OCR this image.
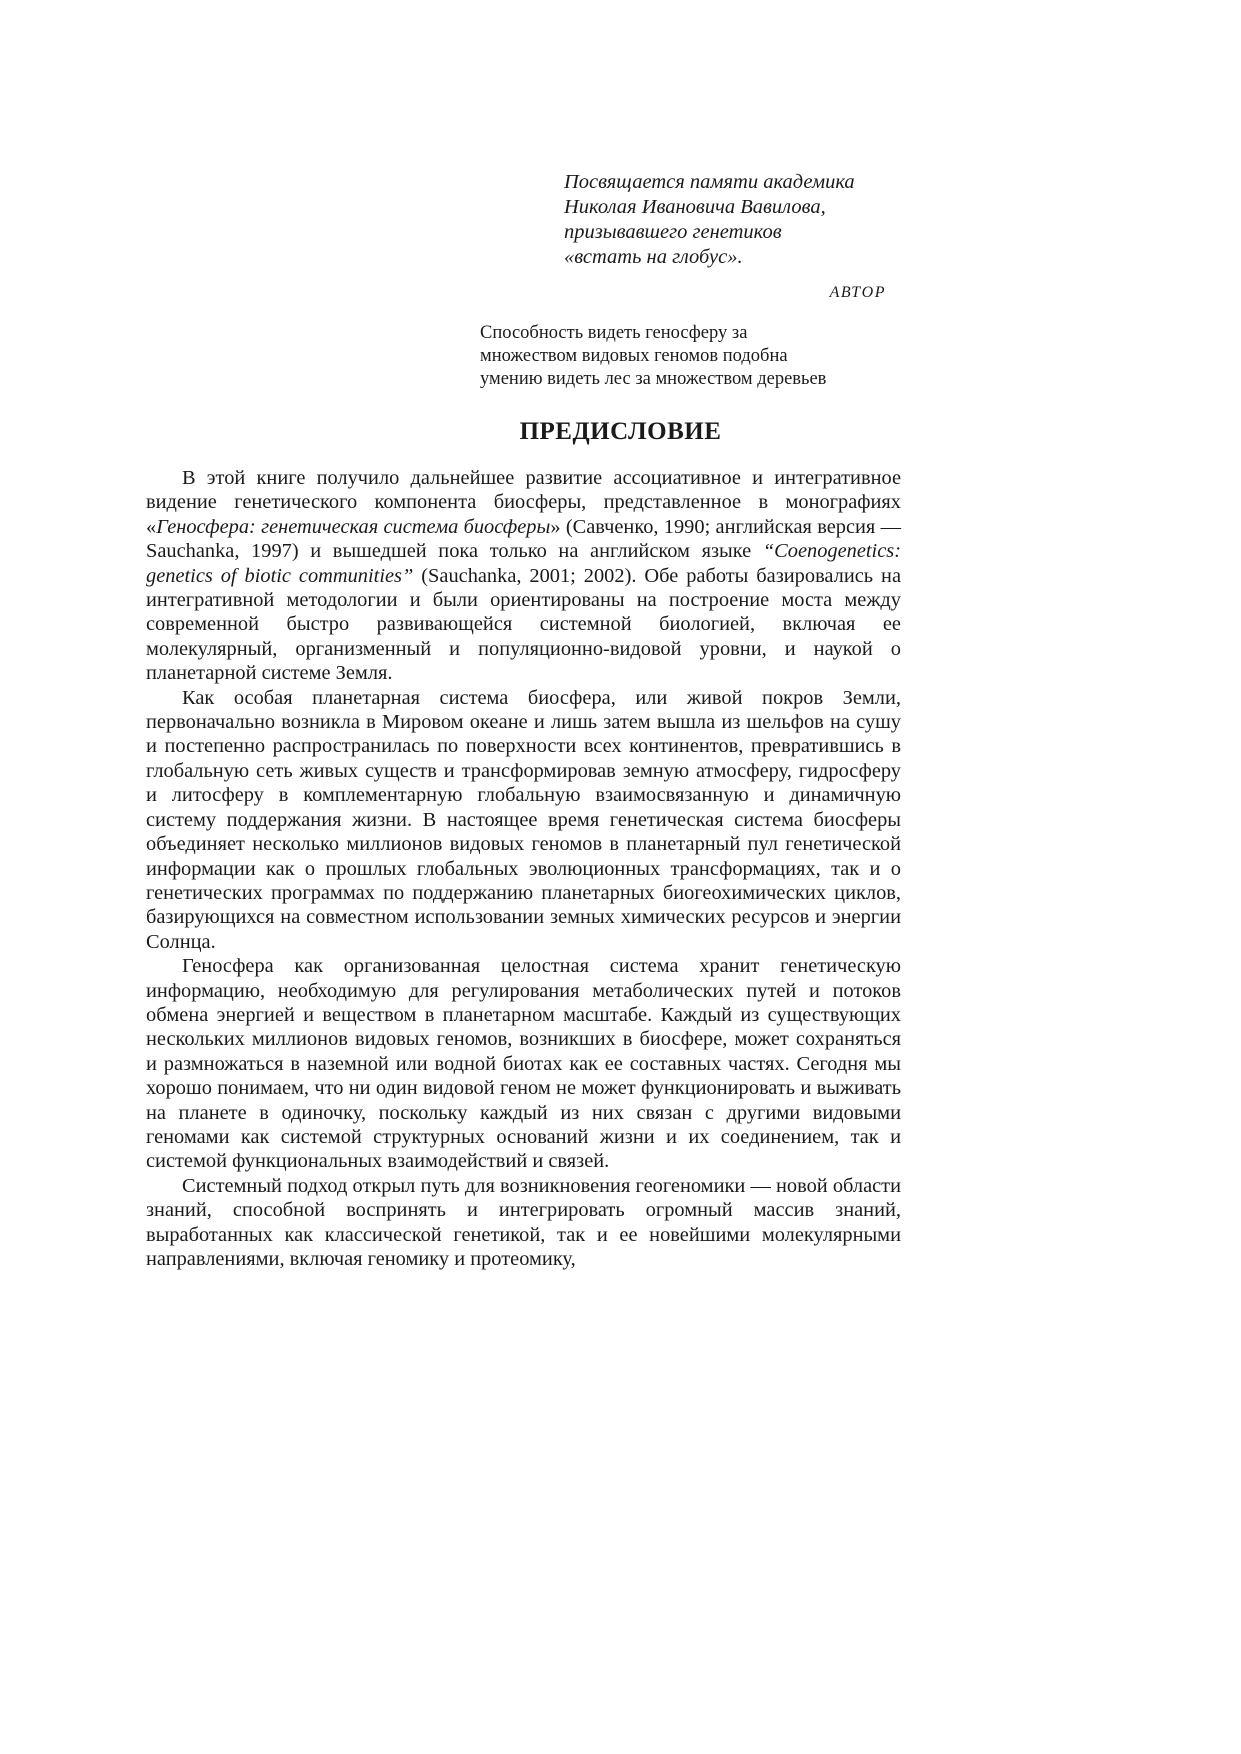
Посвящается памяти академика
Николая Ивановича Вавилова,
призывавшего генетиков
«встать на глобус».
АВТОР
Способность видеть геносферу за
множеством видовых геномов подобна
умению видеть лес за множеством деревьев
ПРЕДИСЛОВИЕ

В этой книге получило дальнейшее развитие ассоциативное и интегративное видение генетического компонента биосферы, представленное в монографиях «Геносфера: генетическая система биосферы» (Савченко, 1990; английская версия — Sauchanka, 1997) и вышедшей пока только на английском языке “Coenogenetics: genetics of biotic communities” (Sauchanka, 2001; 2002). Обе работы базировались на интегративной методологии и были ориентированы на построение моста между современной быстро развивающейся системной биологией, включая ее молекулярный, организменный и популяционно-видовой уровни, и наукой о планетарной системе Земля.

Как особая планетарная система биосфера, или живой покров Земли, первоначально возникла в Мировом океане и лишь затем вышла из шельфов на сушу и постепенно распространилась по поверхности всех континентов, превратившись в глобальную сеть живых существ и трансформировав земную атмосферу, гидросферу и литосферу в комплементарную глобальную взаимосвязанную и динамичную систему поддержания жизни. В настоящее время генетическая система биосферы объединяет несколько миллионов видовых геномов в планетарный пул генетической информации как о прошлых глобальных эволюционных трансформациях, так и о генетических программах по поддержанию планетарных биогеохимических циклов, базирующихся на совместном использовании земных химических ресурсов и энергии Солнца.

Геносфера как организованная целостная система хранит генетическую информацию, необходимую для регулирования метаболических путей и потоков обмена энергией и веществом в планетарном масштабе. Каждый из существующих нескольких миллионов видовых геномов, возникших в биосфере, может сохраняться и размножаться в наземной или водной биотах как ее составных частях. Сегодня мы хорошо понимаем, что ни один видовой геном не может функционировать и выживать на планете в одиночку, поскольку каждый из них связан с другими видовыми геномами как системой структурных оснований жизни и их соединением, так и системой функциональных взаимодействий и связей.

Системный подход открыл путь для возникновения геогеномики — новой области знаний, способной воспринять и интегрировать огромный массив знаний, выработанных как классической генетикой, так и ее новейшими молекулярными направлениями, включая геномику и протеомику,
